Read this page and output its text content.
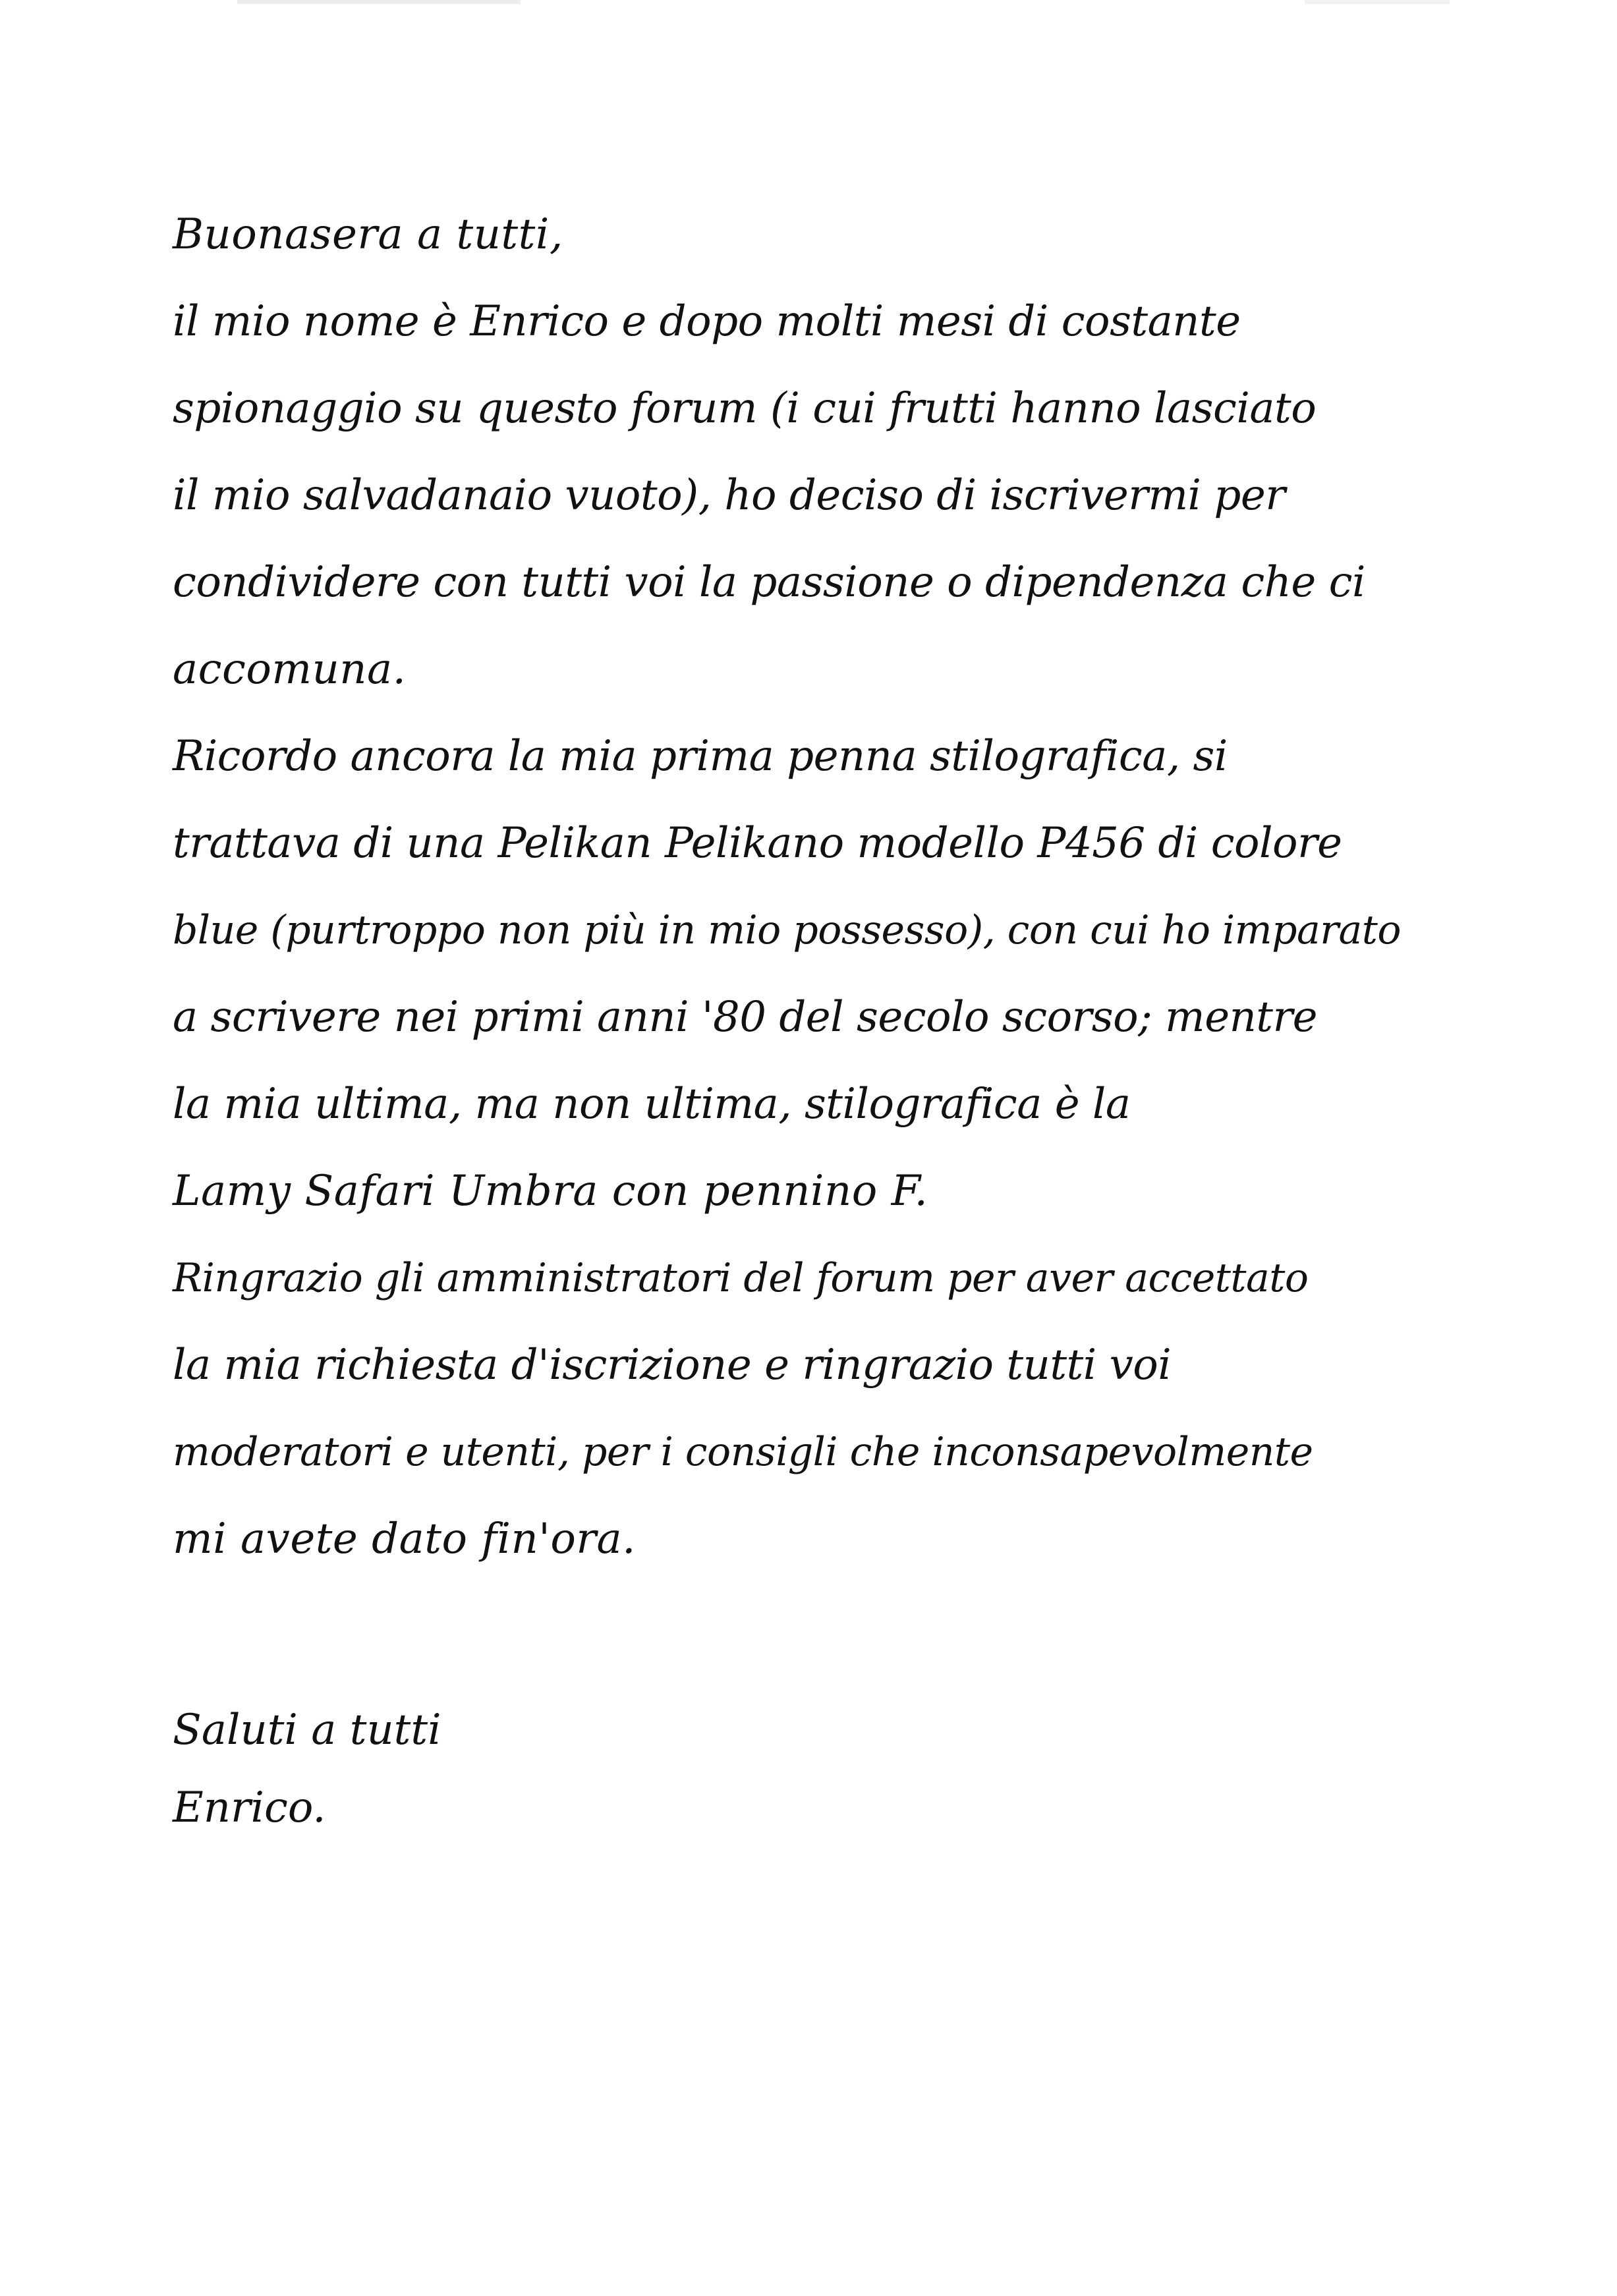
Buonasera a tutti,
il mio nome è Enrico e dopo molti mesi di costante
spionaggio su questo forum (i cui frutti hanno lasciato
il mio salvadanaio vuoto), ho deciso di iscrivermi per
condividere con tutti voi la passione o dipendenza che ci
accomuna.
Ricordo ancora la mia prima penna stilografica, si
trattava di una Pelikan Pelikano modello P456 di colore
blue (purtroppo non più in mio possesso), con cui ho imparato
a scrivere nei primi anni '80 del secolo scorso; mentre
la mia ultima, ma non ultima, stilografica è la
Lamy Safari Umbra con pennino F.
Ringrazio gli amministratori del forum per aver accettato
la mia richiesta d'iscrizione e ringrazio tutti voi
moderatori e utenti, per i consigli che inconsapevolmente
mi avete dato fin'ora.
Saluti a tutti
Enrico.
